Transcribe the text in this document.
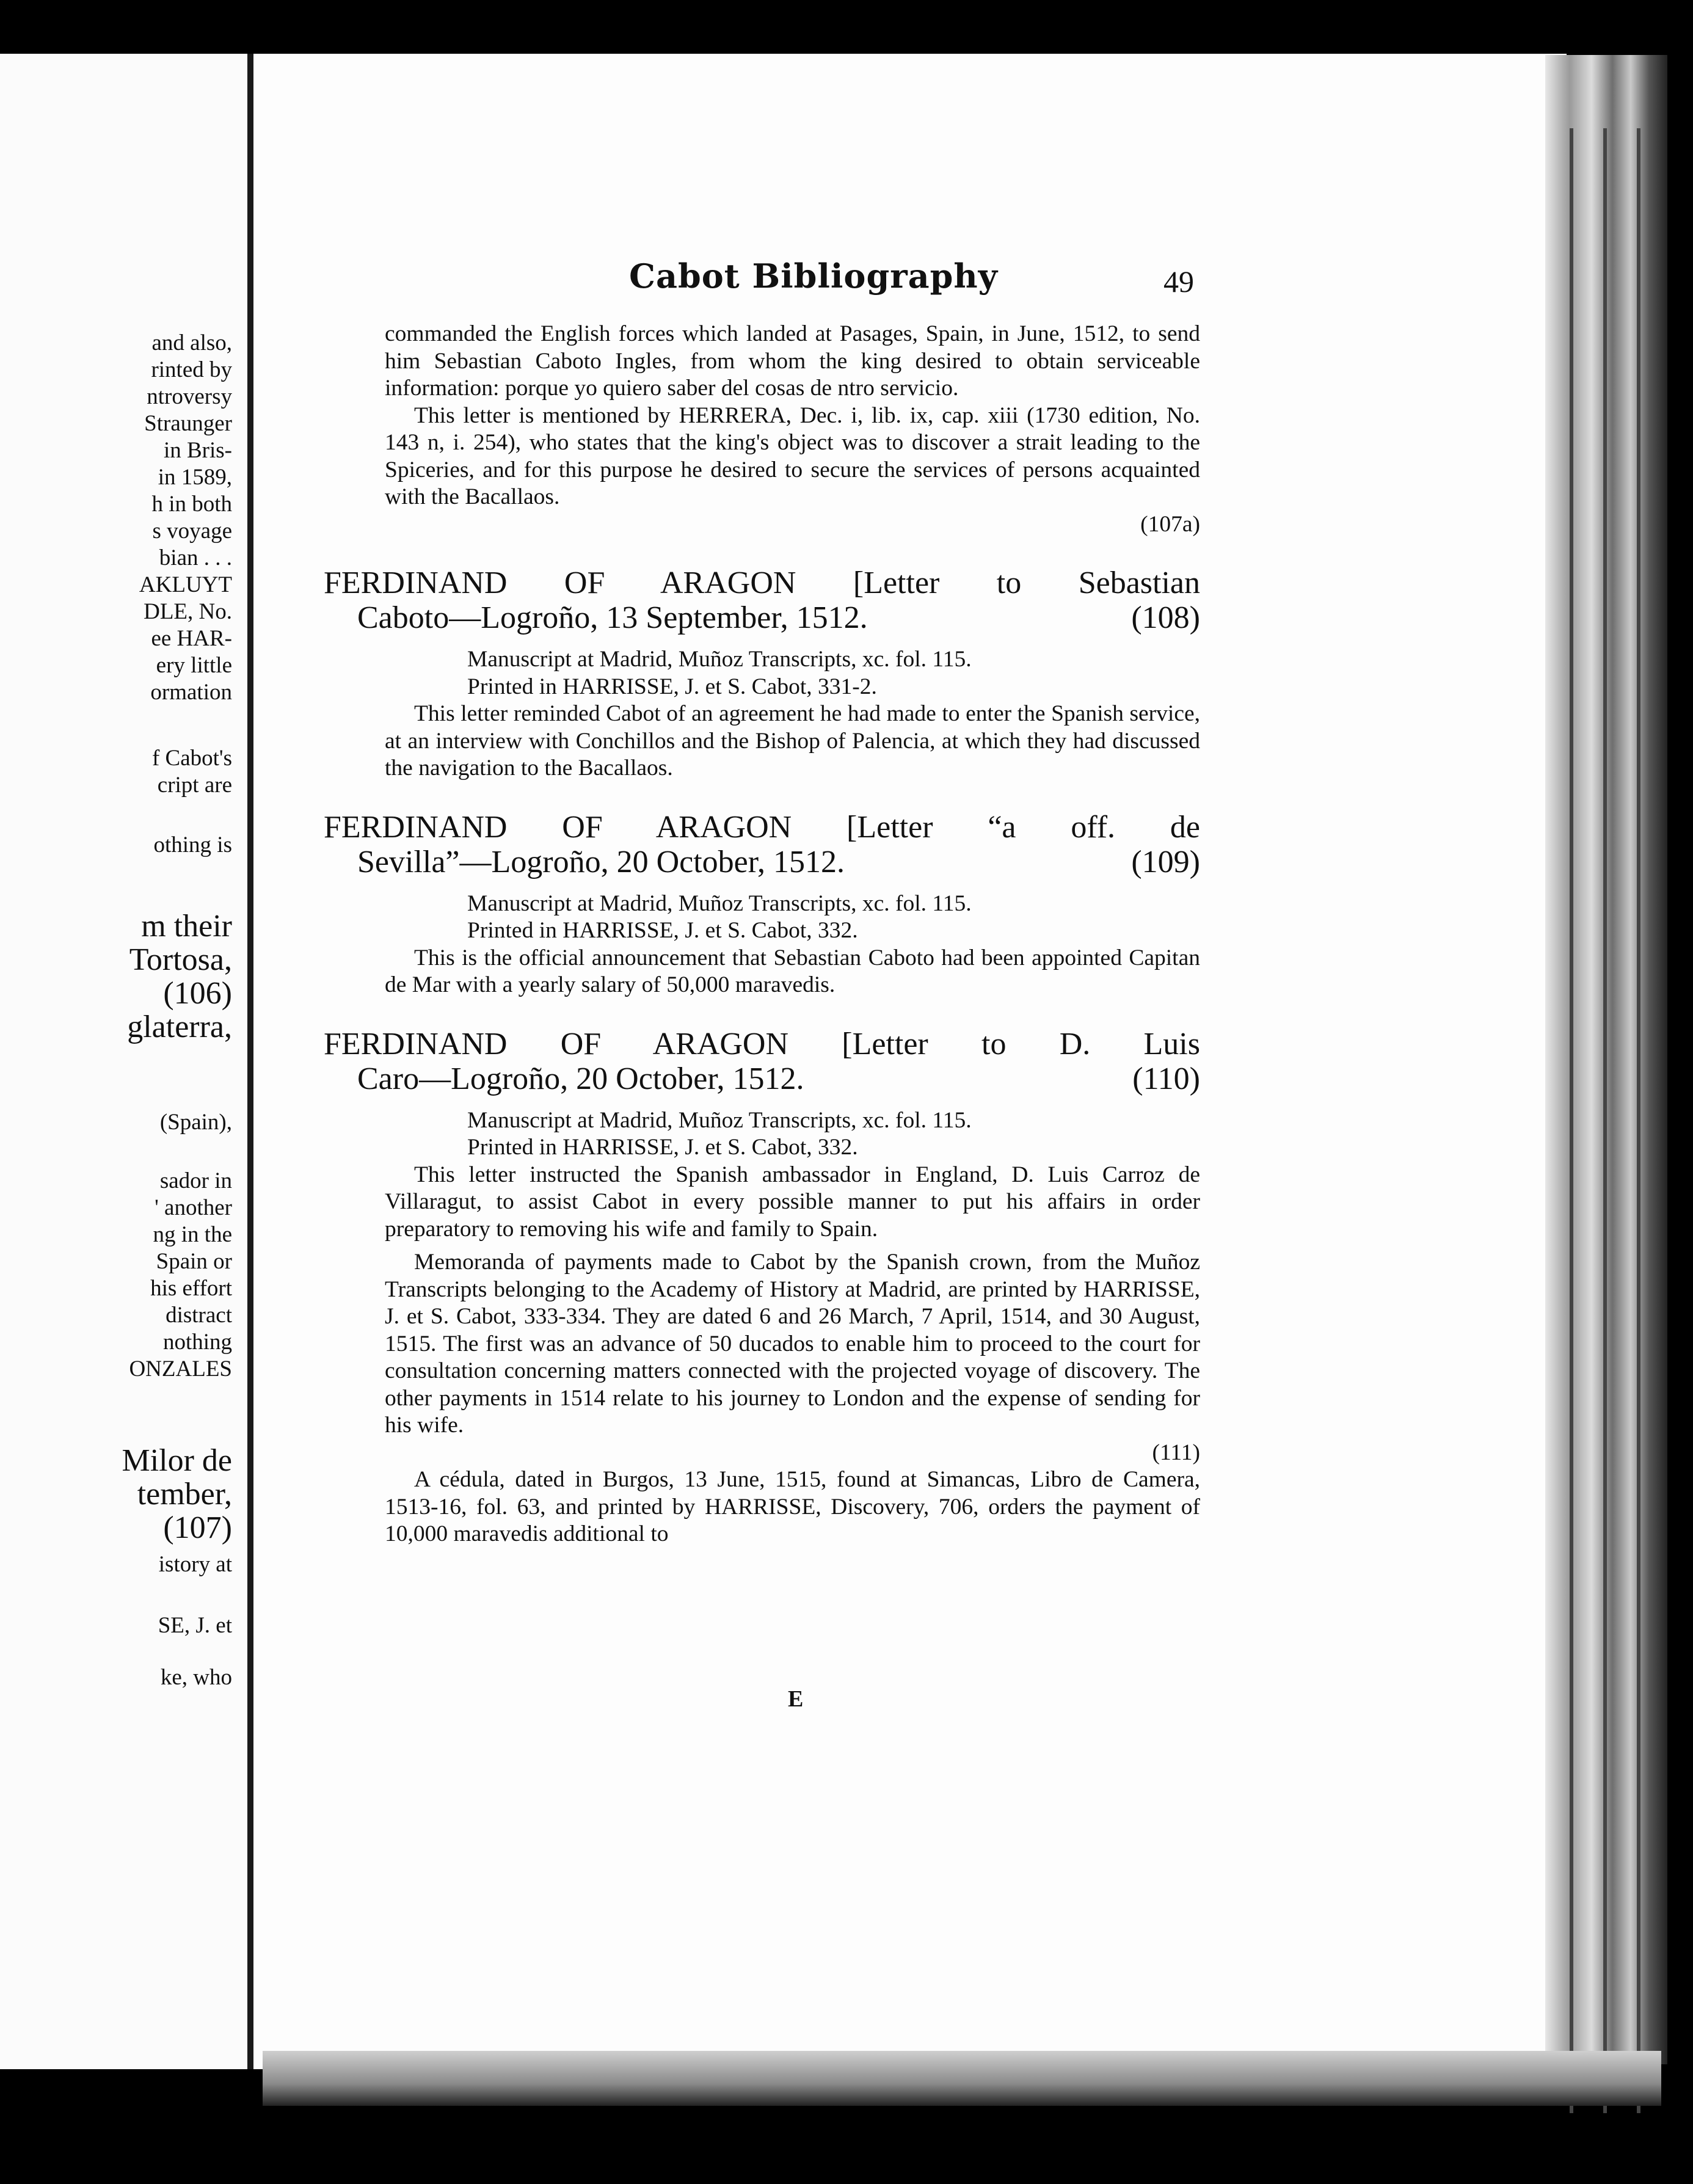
and also,
rinted by
ntroversy
Straunger
in Bris-
in 1589,
h in both
s voyage
bian . . .
AKLUYT
DLE, No.
ee HAR-
ery little
ormation
f Cabot's
cript are
othing is
m their
Tortosa,
(106)
glaterra,
(Spain),
sador in
' another
ng in the
Spain or
his effort
distract
nothing
ONZALES
Milor de
tember,
(107)
istory at
SE, J. et
ke, who
Cabot Bibliography	49

commanded the English forces which landed at Pasages, Spain, in June, 1512, to send him Sebastian Caboto Ingles, from whom the king desired to obtain serviceable information: porque yo quiero saber del cosas de ntro servicio.

This letter is mentioned by HERRERA, Dec. i, lib. ix, cap. xiii (1730 edition, No. 143 n, i. 254), who states that the king's object was to discover a strait leading to the Spiceries, and for this purpose he desired to secure the services of persons acquainted with the Bacallaos.
(107a)

FERDINAND OF ARAGON [Letter to Sebastian
Caboto—Logroño, 13 September, 1512.	(108)

Manuscript at Madrid, Muñoz Transcripts, xc. fol. 115.
Printed in HARRISSE, J. et S. Cabot, 331-2.

This letter reminded Cabot of an agreement he had made to enter the Spanish service, at an interview with Conchillos and the Bishop of Palencia, at which they had discussed the navigation to the Bacallaos.

FERDINAND OF ARAGON [Letter “a off. de
Sevilla”—Logroño, 20 October, 1512.	(109)

Manuscript at Madrid, Muñoz Transcripts, xc. fol. 115.
Printed in HARRISSE, J. et S. Cabot, 332.

This is the official announcement that Sebastian Caboto had been appointed Capitan de Mar with a yearly salary of 50,000 maravedis.

FERDINAND OF ARAGON [Letter to D. Luis
Caro—Logroño, 20 October, 1512.	(110)

Manuscript at Madrid, Muñoz Transcripts, xc. fol. 115.
Printed in HARRISSE, J. et S. Cabot, 332.

This letter instructed the Spanish ambassador in England, D. Luis Carroz de Villaragut, to assist Cabot in every possible manner to put his affairs in order preparatory to removing his wife and family to Spain.

Memoranda of payments made to Cabot by the Spanish crown, from the Muñoz Transcripts belonging to the Academy of History at Madrid, are printed by HARRISSE, J. et S. Cabot, 333-334. They are dated 6 and 26 March, 7 April, 1514, and 30 August, 1515. The first was an advance of 50 ducados to enable him to proceed to the court for consultation concerning matters connected with the projected voyage of discovery. The other payments in 1514 relate to his journey to London and the expense of sending for his wife.
(111)

A cédula, dated in Burgos, 13 June, 1515, found at Simancas, Libro de Camera, 1513-16, fol. 63, and printed by HARRISSE, Discovery, 706, orders the payment of 10,000 maravedis additional to

E
